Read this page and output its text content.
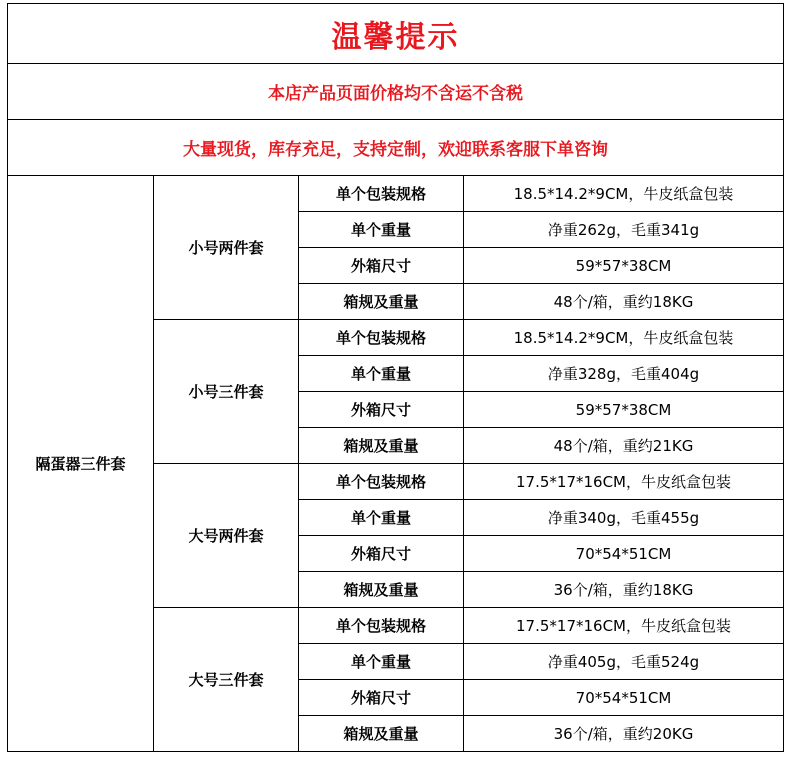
温馨提示			
本店产品页面价格均不含运不含税			
大量现货，库存充足，支持定制，欢迎联系客服下单咨询			
隔蛋器三件套	小号两件套	单个包装规格	18.5*14.2*9CM，牛皮纸盒包装
		单个重量	净重262g，毛重341g
		外箱尺寸	59*57*38CM
		箱规及重量	48个/箱，重约18KG
	小号三件套	单个包装规格	18.5*14.2*9CM，牛皮纸盒包装
		单个重量	净重328g，毛重404g
		外箱尺寸	59*57*38CM
		箱规及重量	48个/箱，重约21KG
	大号两件套	单个包装规格	17.5*17*16CM，牛皮纸盒包装
		单个重量	净重340g，毛重455g
		外箱尺寸	70*54*51CM
		箱规及重量	36个/箱，重约18KG
	大号三件套	单个包装规格	17.5*17*16CM，牛皮纸盒包装
		单个重量	净重405g，毛重524g
		外箱尺寸	70*54*51CM
		箱规及重量	36个/箱，重约20KG
